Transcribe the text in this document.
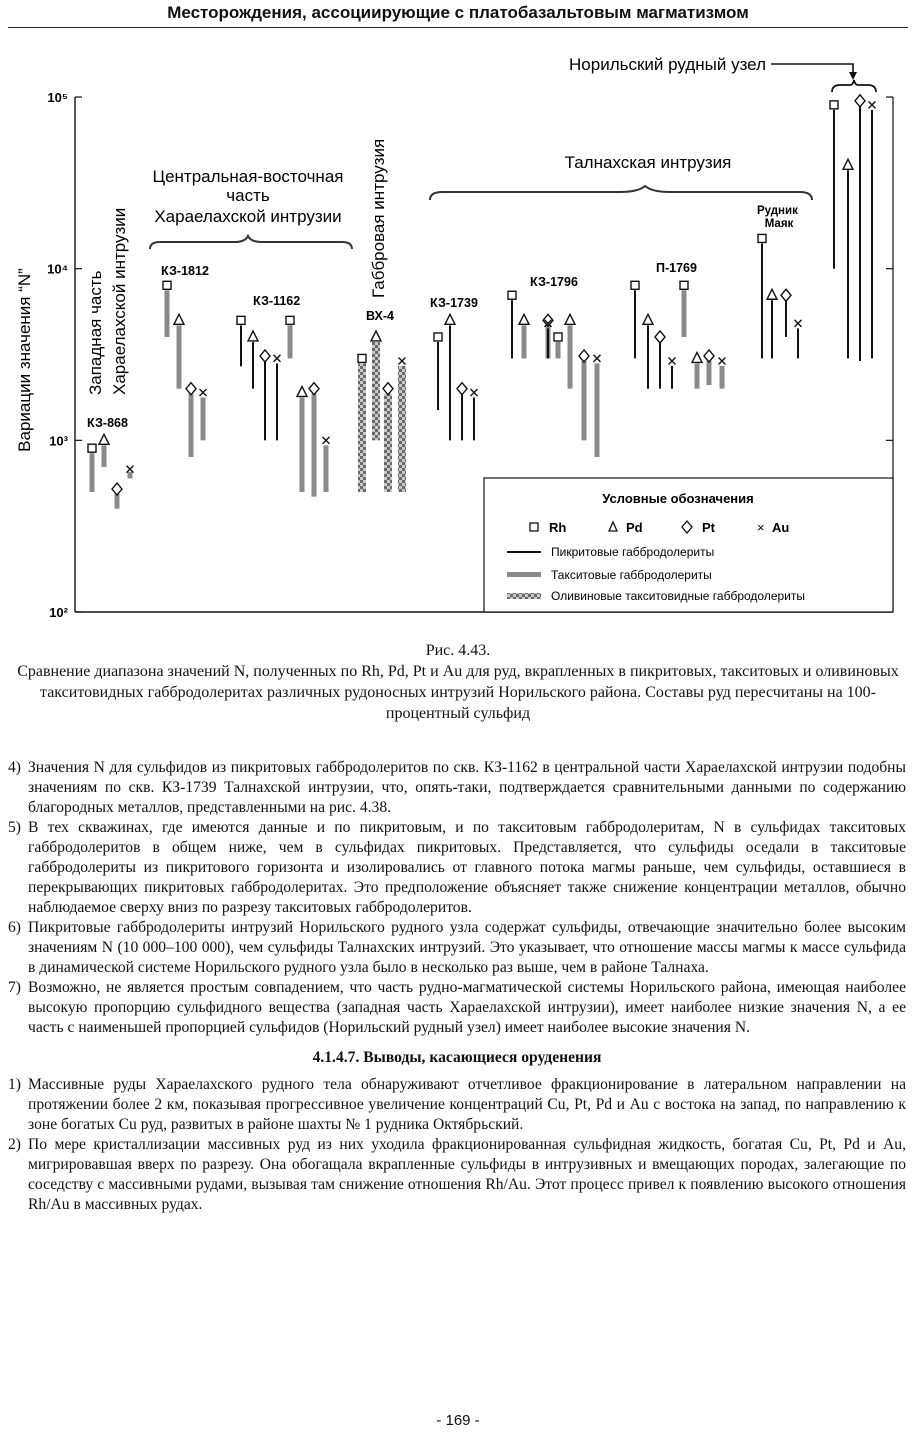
Месторождения, ассоциирующие с платобазальтовым магматизмом
10²
10³
10⁴
10⁵
Вариации значения “N”	Западная часть Хараелахской интрузии
Центральная-восточная
часть
Хараелахской интрузии Габбровая интрузия	Талнахская интрузия
Норильский рудный узел
КЗ-868
КЗ-1812
КЗ-1162
ВХ-4
КЗ-1739
КЗ-1796
П-1769
Рудник Маяк
Условные обозначения
Rh	Pd	Pt	× Au
Пикритовые габбродолериты
Такситовые габбродолериты
Оливиновые такситовидные габбродолериты
Рис. 4.43.
Сравнение диапазона значений N, полученных по Rh, Pd, Pt и Au для руд, вкрапленных в пикритовых, такситовых и оливиновых такситовидных габбродолеритах различных рудоносных интрузий Норильского района. Составы руд пересчитаны на 100-процентный сульфид
4) Значения N для сульфидов из пикритовых габбродолеритов по скв. КЗ-1162 в центральной части Хараелахской интрузии подобны значениям по скв. КЗ-1739 Талнахской интрузии, что, опять-таки, подтверждается сравнительными данными по содержанию благородных металлов, представленными на рис. 4.38.
5) В тех скважинах, где имеются данные и по пикритовым, и по такситовым габбродолеритам, N в сульфидах такситовых габбродолеритов в общем ниже, чем в сульфидах пикритовых. Представляется, что сульфиды оседали в такситовые габбродолериты из пикритового горизонта и изолировались от главного потока магмы раньше, чем сульфиды, оставшиеся в перекрывающих пикритовых габбродолеритах. Это предположение объясняет также снижение концентрации металлов, обычно наблюдаемое сверху вниз по разрезу такситовых габбродолеритов.
6) Пикритовые габбродолериты интрузий Норильского рудного узла содержат сульфиды, отвечающие значительно более высоким значениям N (10 000–100 000), чем сульфиды Талнахских интрузий. Это указывает, что отношение массы магмы к массе сульфида в динамической системе Норильского рудного узла было в несколько раз выше, чем в районе Талнаха.
7) Возможно, не является простым совпадением, что часть рудно-магматической системы Норильского района, имеющая наиболее высокую пропорцию сульфидного вещества (западная часть Хараелахской интрузии), имеет наиболее низкие значения N, а ее часть с наименьшей пропорцией сульфидов (Норильский рудный узел) имеет наиболее высокие значения N.
4.1.4.7. Выводы, касающиеся оруденения
1) Массивные руды Хараелахского рудного тела обнаруживают отчетливое фракционирование в латеральном направлении на протяжении более 2 км, показывая прогрессивное увеличение концентраций Cu, Pt, Pd и Au с востока на запад, по направлению к зоне богатых Cu руд, развитых в районе шахты № 1 рудника Октябрьский.
2) По мере кристаллизации массивных руд из них уходила фракционированная сульфидная жидкость, богатая Cu, Pt, Pd и Au, мигрировавшая вверх по разрезу. Она обогащала вкрапленные сульфиды в интрузивных и вмещающих породах, залегающие по соседству с массивными рудами, вызывая там снижение отношения Rh/Au. Этот процесс привел к появлению высокого отношения Rh/Au в массивных рудах.
- 169 -
